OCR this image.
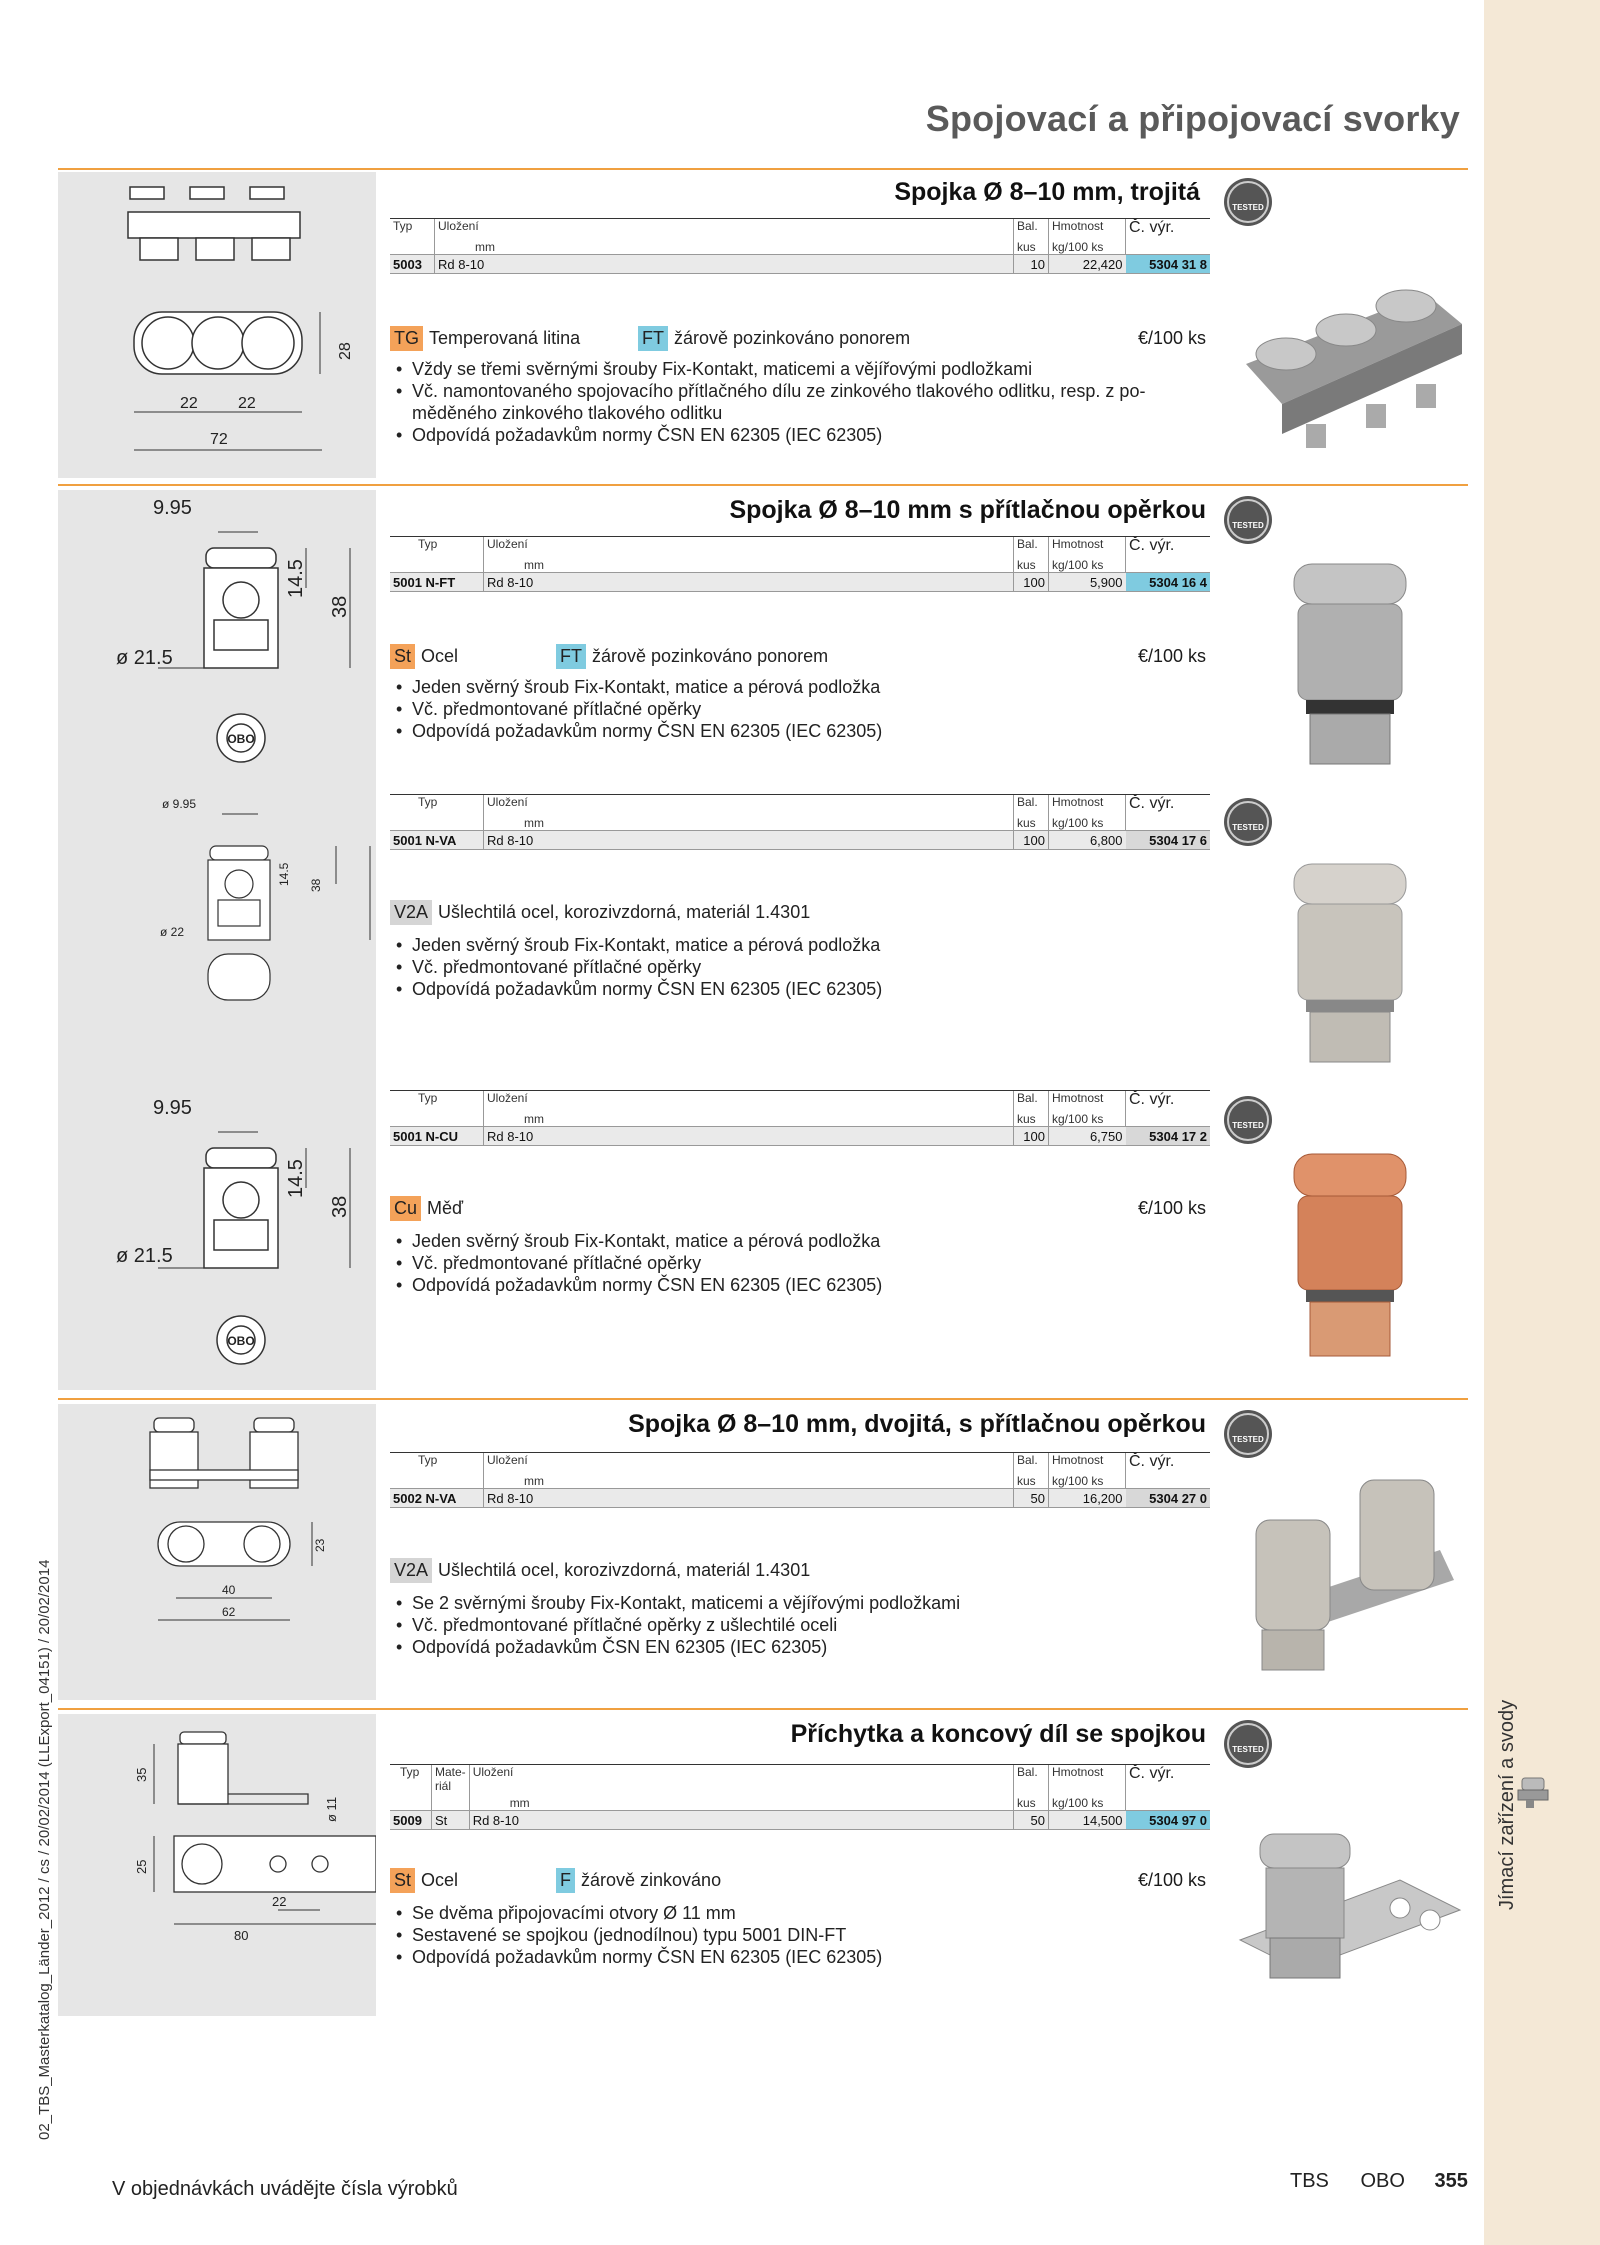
Jímací zařízení a svody
02_TBS_Masterkatalog_Länder_2012 / cs / 20/02/2014 (LLExport_04151) / 20/02/2014
Spojovací a připojovací svorky
22	22
72
28
Spojka Ø 8–10 mm, trojitá
TESTED
Typ	Uložení		Bal.	Hmotnost	Č. výr.
	mm		kus	kg/100 ks	
5003	Rd 8-10		10	22,420	5304 31 8
TG Temperovaná litina	FT žárově pozinkováno ponorem	€/100 ks
• Vždy se třemi svěrnými šrouby Fix-Kontakt, maticemi a vějířovými podložkami
• Vč. namontovaného spojovacího přítlačného dílu ze zinkového tlakového odlitku, resp. z po-
měděného zinkového tlakového odlitku
• Odpovídá požadavkům normy ČSN EN 62305 (IEC 62305)
9.95
14.5
38
ø 21.5
OBO
Spojka Ø 8–10 mm s přítlačnou opěrkou
TESTED
Typ	Uložení		Bal.	Hmotnost	Č. výr.
	mm		kus	kg/100 ks	
5001 N-FT	Rd 8-10		100	5,900	5304 16 4
St Ocel	FT žárově pozinkováno ponorem	€/100 ks
• Jeden svěrný šroub Fix-Kontakt, matice a pérová podložka
• Vč. předmontované přítlačné opěrky
• Odpovídá požadavkům normy ČSN EN 62305 (IEC 62305)
ø 9.95
14.5 38
ø 22
TESTED
Typ	Uložení		Bal.	Hmotnost	Č. výr.
	mm		kus	kg/100 ks	
5001 N-VA	Rd 8-10		100	6,800	5304 17 6
V2A Ušlechtilá ocel, korozivzdorná, materiál 1.4301
• Jeden svěrný šroub Fix-Kontakt, matice a pérová podložka
• Vč. předmontované přítlačné opěrky
• Odpovídá požadavkům normy ČSN EN 62305 (IEC 62305)
9.95
14.5
38
ø 21.5
OBO
TESTED
Typ	Uložení		Bal.	Hmotnost	Č. výr.
	mm		kus	kg/100 ks	
5001 N-CU	Rd 8-10		100	6,750	5304 17 2
Cu Měď	€/100 ks
• Jeden svěrný šroub Fix-Kontakt, matice a pérová podložka
• Vč. předmontované přítlačné opěrky
• Odpovídá požadavkům normy ČSN EN 62305 (IEC 62305)
40
62
23
Spojka Ø 8–10 mm, dvojitá, s přítlačnou opěrkou
TESTED
Typ	Uložení		Bal.	Hmotnost	Č. výr.
	mm		kus	kg/100 ks	
5002 N-VA	Rd 8-10		50	16,200	5304 27 0
V2A Ušlechtilá ocel, korozivzdorná, materiál 1.4301
• Se 2 svěrnými šrouby Fix-Kontakt, maticemi a vějířovými podložkami
• Vč. předmontované přítlačné opěrky z ušlechtilé oceli
• Odpovídá požadavkům ČSN EN 62305 (IEC 62305)
35
25
ø 11
22
80
Příchytka a koncový díl se spojkou
TESTED
Typ	Mate-
riál	Uložení		Bal.	Hmotnost	Č. výr.
		mm		kus	kg/100 ks	
5009	St	Rd 8-10		50	14,500	5304 97 0
St Ocel	F žárově zinkováno	€/100 ks
• Se dvěma připojovacími otvory Ø 11 mm
• Sestavené se spojkou (jednodílnou) typu 5001 DIN-FT
• Odpovídá požadavkům normy ČSN EN 62305 (IEC 62305)
V objednávkách uvádějte čísla výrobků	TBS OBO 355
